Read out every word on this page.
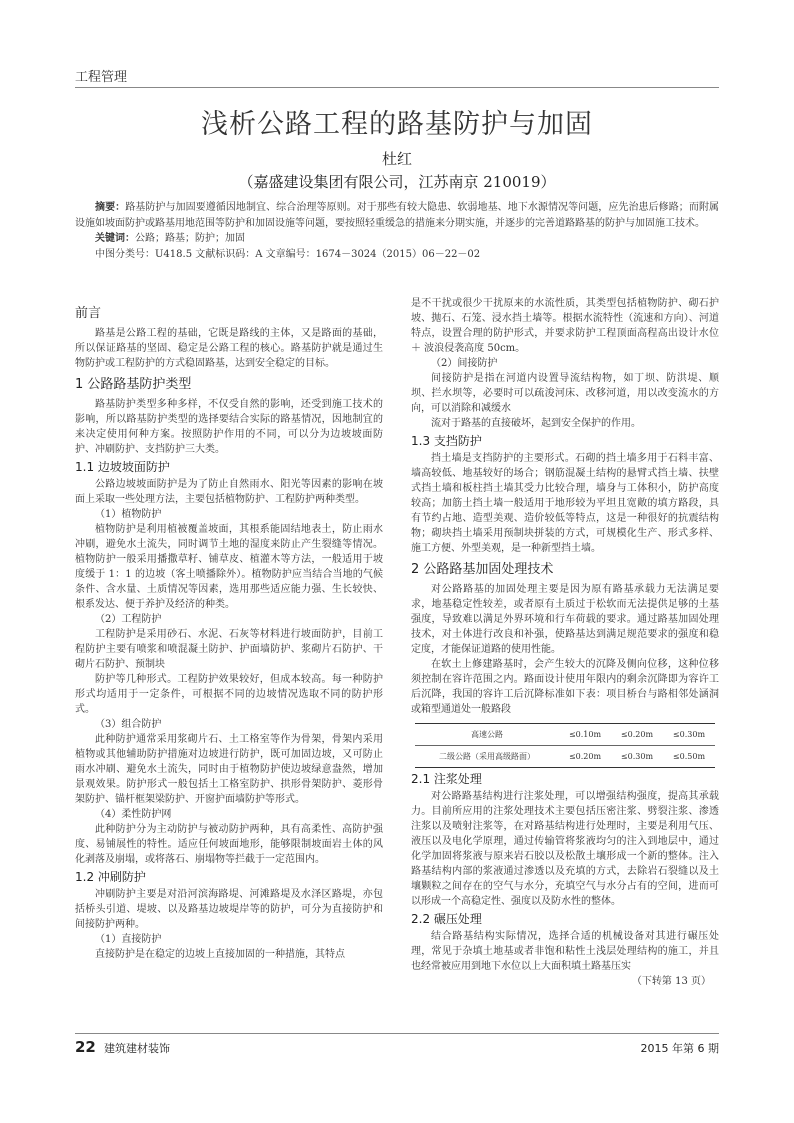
工程管理
浅析公路工程的路基防护与加固
杜红
（嘉盛建设集团有限公司，江苏南京 210019）

摘要：路基防护与加固要遵循因地制宜、综合治理等原则。对于那些有较大隐患、软弱地基、地下水源情况等问题，应先治患后修路；而附属设施如坡面防护或路基用地范围等防护和加固设施等问题，要按照轻重缓急的措施来分期实施，并逐步的完善道路路基的防护与加固施工技术。

关键词：公路；路基；防护；加固

中图分类号：U418.5 文献标识码：A 文章编号：1674－3024（2015）06－22－02

前言

路基是公路工程的基础，它既是路线的主体，又是路面的基础，所以保证路基的坚固、稳定是公路工程的核心。路基防护就是通过生物防护或工程防护的方式稳固路基，达到安全稳定的目标。

1 公路路基防护类型

路基防护类型多种多样，不仅受自然的影响，还受到施工技术的影响，所以路基防护类型的选择要结合实际的路基情况，因地制宜的来决定使用何种方案。按照防护作用的不同，可以分为边坡坡面防护、冲刷防护、支挡防护三大类。

1.1 边坡坡面防护

公路边坡坡面防护是为了防止自然雨水、阳光等因素的影响在坡面上采取一些处理方法，主要包括植物防护、工程防护两种类型。

（1）植物防护

植物防护是利用植被覆盖坡面，其根系能固结地表土，防止雨水冲刷，避免水土流失，同时调节土地的湿度来防止产生裂缝等情况。植物防护一般采用播撒草籽、铺草皮、植灌木等方法，一般适用于坡度缓于 1：1 的边坡（客土喷播除外）。植物防护应当结合当地的气候条件、含水量、土质情况等因素，选用那些适应能力强、生长较快、根系发达、便于养护及经济的种类。

（2）工程防护

工程防护是采用砂石、水泥、石灰等材料进行坡面防护，目前工程防护主要有喷浆和喷混凝土防护、护面墙防护、浆砌片石防护、干砌片石防护、预制块

防护等几种形式。工程防护效果较好，但成本较高。每一种防护形式均适用于一定条件，可根据不同的边坡情况选取不同的防护形式。

（3）组合防护

此种防护通常采用浆砌片石、土工格室等作为骨架，骨架内采用植物或其他辅助防护措施对边坡进行防护，既可加固边坡，又可防止雨水冲刷、避免水土流失，同时由于植物防护使边坡绿意盎然，增加景观效果。防护形式一般包括土工格室防护、拱形骨架防护、菱形骨架防护、锚杆框架梁防护、开窗护面墙防护等形式。

（4）柔性防护网

此种防护分为主动防护与被动防护两种，具有高柔性、高防护强度、易铺展性的特性。适应任何坡面地形，能够限制坡面岩土体的风化剥落及崩塌，或将落石、崩塌物等拦截于一定范围内。

1.2 冲刷防护

冲刷防护主要是对沿河滨海路堤、河滩路堤及水泽区路堤，亦包括桥头引道、堤坡、以及路基边坡堤岸等的防护，可分为直接防护和间接防护两种。

（1）直接防护

直接防护是在稳定的边坡上直接加固的一种措施，其特点

是不干扰或很少干扰原来的水流性质，其类型包括植物防护、砌石护坡、抛石、石笼、浸水挡土墙等。根据水流特性（流速和方向）、河道特点，设置合理的防护形式，并要求防护工程顶面高程高出设计水位 ＋ 波浪侵袭高度 50cm。

（2）间接防护

间接防护是指在河道内设置导流结构物，如丁坝、防洪堤、顺坝、拦水坝等，必要时可以疏浚河床、改移河道，用以改变流水的方向，可以消除和减缓水

流对于路基的直接破坏，起到安全保护的作用。

1.3 支挡防护

挡土墙是支挡防护的主要形式。石砌的挡土墙多用于石料丰富、墙高较低、地基较好的场合；钢筋混凝土结构的悬臂式挡土墙、扶壁式挡土墙和板柱挡土墙其受力比较合理，墙身与工体积小，防护高度较高；加筋土挡土墙一般适用于地形较为平坦且宽敞的填方路段，具有节约占地、造型美观、造价较低等特点，这是一种很好的抗震结构物；砌块挡土墙采用预制块拼装的方式，可规模化生产、形式多样、施工方便、外型美观，是一种新型挡土墙。

2 公路路基加固处理技术

对公路路基的加固处理主要是因为原有路基承载力无法满足要求，地基稳定性较差，或者原有土质过于松软而无法提供足够的土基强度，导致难以满足外界环境和行车荷载的要求。通过路基加固处理技术，对土体进行改良和补强，使路基达到满足规范要求的强度和稳定度，才能保证道路的使用性能。

在软土上修建路基时，会产生较大的沉降及侧向位移，这种位移须控制在容许范围之内。路面设计使用年限内的剩余沉降即为容许工后沉降，我国的容许工后沉降标准如下表：项目桥台与路相邻处涵洞或箱型通道处一般路段

高速公路	≤0.10m	≤0.20m	≤0.30m
二级公路（采用高级路面）	≤0.20m	≤0.30m	≤0.50m
2.1 注浆处理

对公路路基结构进行注浆处理，可以增强结构强度，提高其承载力。目前所应用的注浆处理技术主要包括压密注浆、劈裂注浆、渗透注浆以及喷射注浆等，在对路基结构进行处理时，主要是利用气压、液压以及电化学原理，通过传输管将浆液均匀的注入到地层中，通过化学加固将浆液与原来岩石胶以及松散土壤形成一个新的整体。注入路基结构内部的浆液通过渗透以及充填的方式，去除岩石裂缝以及土壤颗粒之间存在的空气与水分，充填空气与水分占有的空间，进而可以形成一个高稳定性、强度以及防水性的整体。

2.2 碾压处理

结合路基结构实际情况，选择合适的机械设备对其进行碾压处理，常见于杂填土地基或者非饱和粘性土浅层处理结构的施工，并且也经常被应用到地下水位以上大面积填土路基压实

（下转第 13 页）
22 建筑建材装饰	2015 年第 6 期
